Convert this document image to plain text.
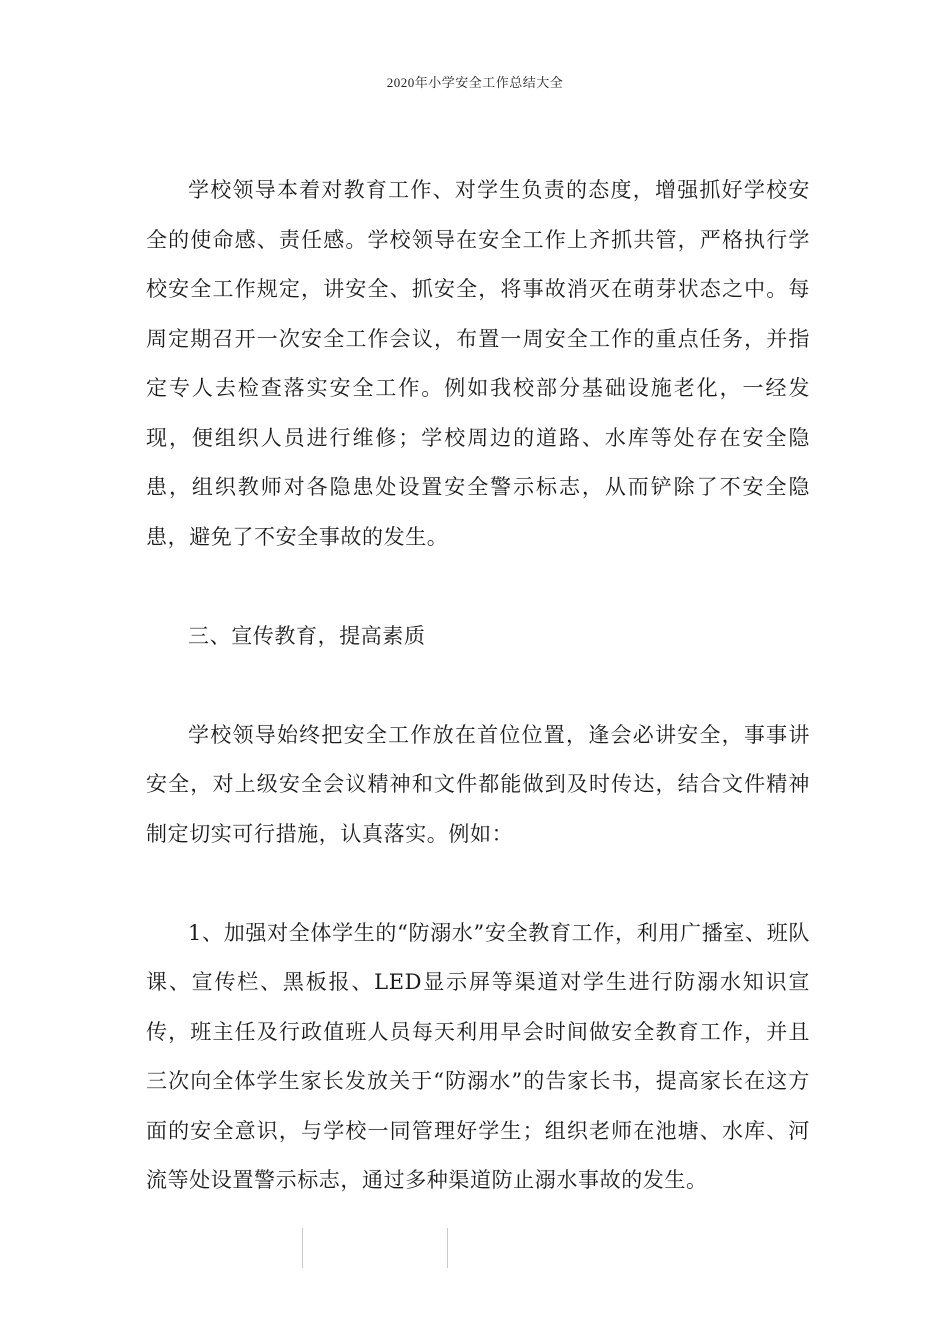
2020年小学安全工作总结大全

学校领导本着对教育工作、对学生负责的态度，增强抓好学校安全的使命感、责任感。学校领导在安全工作上齐抓共管，严格执行学校安全工作规定，讲安全、抓安全，将事故消灭在萌芽状态之中。每周定期召开一次安全工作会议，布置一周安全工作的重点任务，并指定专人去检查落实安全工作。例如我校部分基础设施老化，一经发现，便组织人员进行维修；学校周边的道路、水库等处存在安全隐患，组织教师对各隐患处设置安全警示标志，从而铲除了不安全隐患，避免了不安全事故的发生。

三、宣传教育，提高素质

学校领导始终把安全工作放在首位位置，逢会必讲安全，事事讲安全，对上级安全会议精神和文件都能做到及时传达，结合文件精神制定切实可行措施，认真落实。例如：

1、加强对全体学生的“防溺水”安全教育工作，利用广播室、班队课、宣传栏、黑板报、LED显示屏等渠道对学生进行防溺水知识宣传，班主任及行政值班人员每天利用早会时间做安全教育工作，并且三次向全体学生家长发放关于“防溺水”的告家长书，提高家长在这方面的安全意识，与学校一同管理好学生；组织老师在池塘、水库、河流等处设置警示标志，通过多种渠道防止溺水事故的发生。
